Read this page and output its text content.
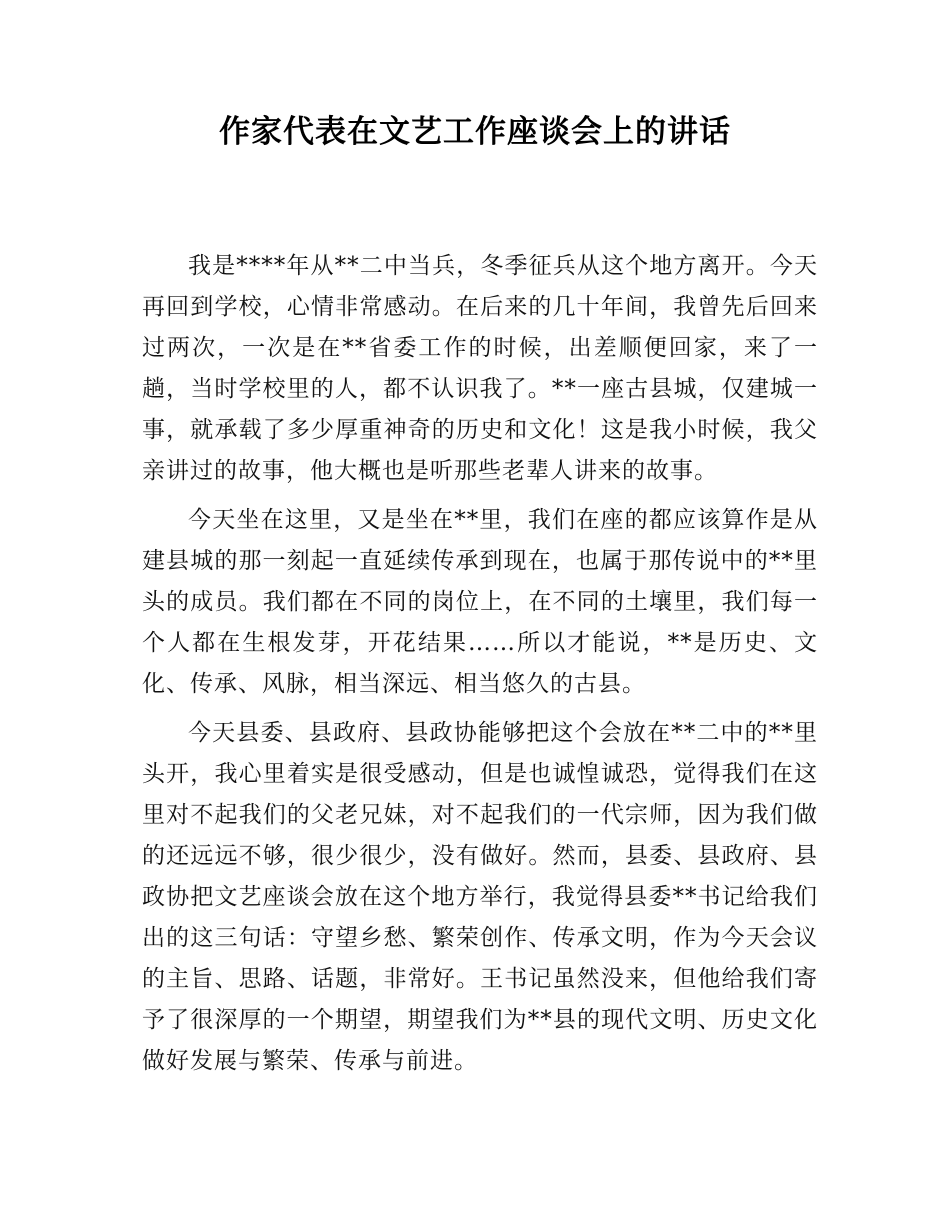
作家代表在文艺工作座谈会上的讲话

我是****年从**二中当兵，冬季征兵从这个地方离开。今天再回到学校，心情非常感动。在后来的几十年间，我曾先后回来过两次，一次是在**省委工作的时候，出差顺便回家，来了一趟，当时学校里的人，都不认识我了。**一座古县城，仅建城一事，就承载了多少厚重神奇的历史和文化！这是我小时候，我父亲讲过的故事，他大概也是听那些老辈人讲来的故事。

今天坐在这里，又是坐在**里，我们在座的都应该算作是从建县城的那一刻起一直延续传承到现在，也属于那传说中的**里头的成员。我们都在不同的岗位上，在不同的土壤里，我们每一个人都在生根发芽，开花结果……所以才能说，**是历史、文化、传承、风脉，相当深远、相当悠久的古县。

今天县委、县政府、县政协能够把这个会放在**二中的**里头开，我心里着实是很受感动，但是也诚惶诚恐，觉得我们在这里对不起我们的父老兄妹，对不起我们的一代宗师，因为我们做的还远远不够，很少很少，没有做好。然而，县委、县政府、县政协把文艺座谈会放在这个地方举行，我觉得县委**书记给我们出的这三句话：守望乡愁、繁荣创作、传承文明，作为今天会议的主旨、思路、话题，非常好。王书记虽然没来，但他给我们寄予了很深厚的一个期望，期望我们为**县的现代文明、历史文化做好发展与繁荣、传承与前进。
